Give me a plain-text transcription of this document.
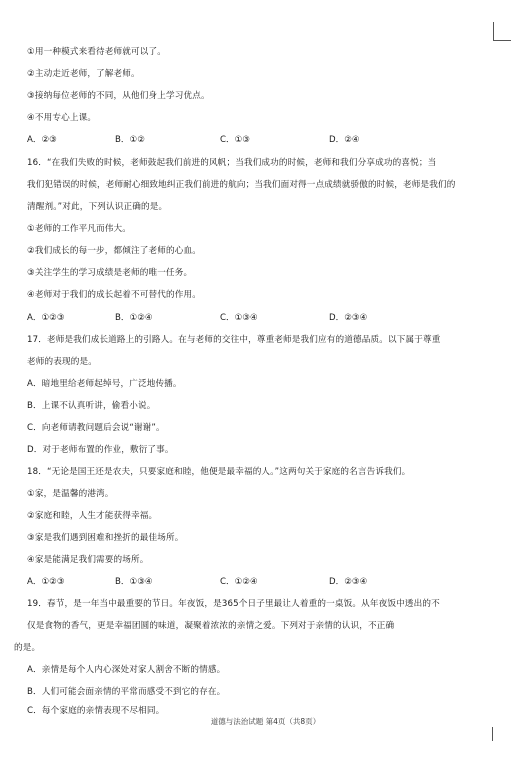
①用一种模式来看待老师就可以了。
②主动走近老师，了解老师。
③接纳每位老师的不同，从他们身上学习优点。
④不用专心上课。
A．②③	B．①②	C．①③	D．②④
16．“在我们失败的时候，老师鼓起我们前进的风帆；当我们成功的时候，老师和我们分享成功的喜悦；当
我们犯错误的时候，老师耐心细致地纠正我们前进的航向；当我们面对得一点成绩就骄傲的时候，老师是我们的
清醒剂。”对此，下列认识正确的是。
①老师的工作平凡而伟大。
②我们成长的每一步，都倾注了老师的心血。
③关注学生的学习成绩是老师的唯一任务。
④老师对于我们的成长起着不可替代的作用。
A．①②③	B．①②④	C．①③④	D．②③④
17．老师是我们成长道路上的引路人。在与老师的交往中，尊重老师是我们应有的道德品质。以下属于尊重
老师的表现的是。
A．暗地里给老师起绰号，广泛地传播。
B．上课不认真听讲，偷看小说。
C．向老师请教问题后会说“谢谢”。
D．对于老师布置的作业，敷衍了事。
18．“无论是国王还是农夫，只要家庭和睦，他便是最幸福的人。”这两句关于家庭的名言告诉我们。
①家，是温馨的港湾。
②家庭和睦，人生才能获得幸福。
③家是我们遇到困难和挫折的最佳场所。
④家是能满足我们需要的场所。
A．①②③	B．①③④	C．①②④	D．②③④
19．春节，是一年当中最重要的节日。年夜饭，是365个日子里最让人着重的一桌饭。从年夜饭中透出的不
仅是食物的香气，更是幸福团圆的味道，凝聚着浓浓的亲情之爱。下列对于亲情的认识，不正确
的是。
A．亲情是每个人内心深处对家人割舍不断的情感。
B．人们可能会面亲情的平常而感受不到它的存在。
C．每个家庭的亲情表现不尽相同。
道德与法治试题 第4页（共8页）
